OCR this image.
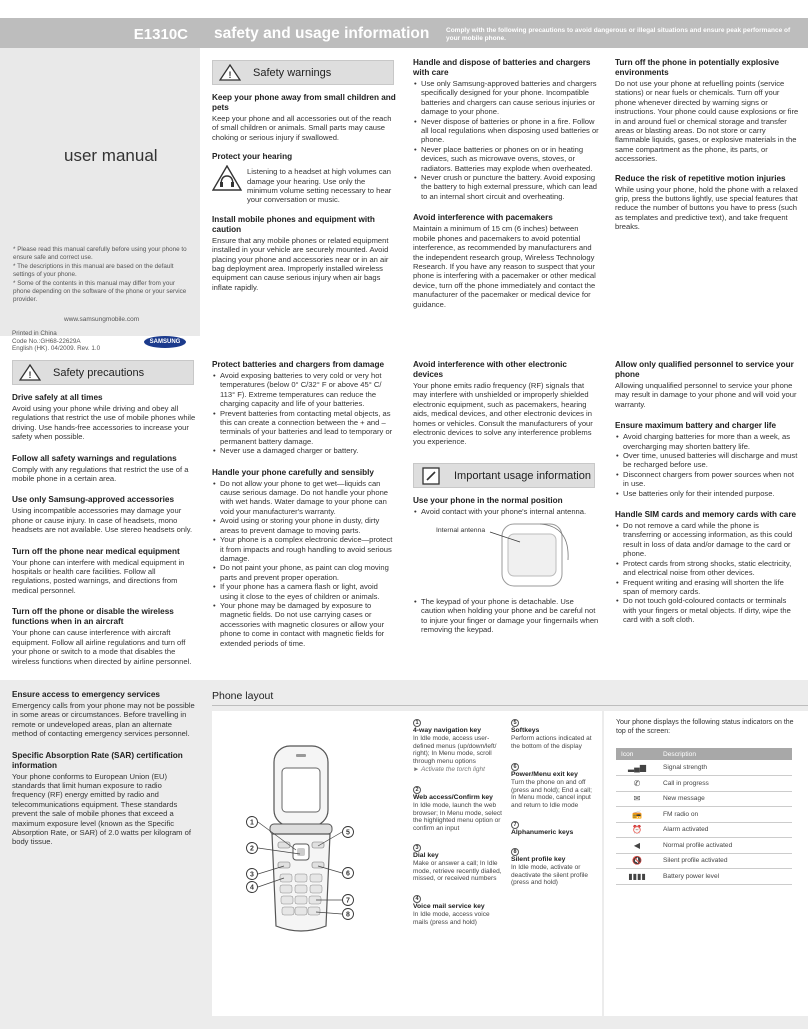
E1310C
user manual

* Please read this manual carefully before using your phone to ensure safe and correct use.

* The descriptions in this manual are based on the default settings of your phone.

* Some of the contents in this manual may differ from your phone depending on the software of the phone or your service provider.

www.samsungmobile.com
Printed in China
Code No.:GH68-22629A
English (HK). 04/2009. Rev. 1.0
SAMSUNG
safety and usage information	Comply with the following precautions to avoid dangerous or illegal situations and ensure peak performance of your mobile phone.
! Safety warnings
Keep your phone away from small children and pets

Keep your phone and all accessories out of the reach of small children or animals. Small parts may cause choking or serious injury if swallowed.

Protect your hearing

Listening to a headset at high volumes can damage your hearing. Use only the minimum volume setting necessary to hear your conversation or music.

Install mobile phones and equipment with caution

Ensure that any mobile phones or related equipment installed in your vehicle are securely mounted. Avoid placing your phone and accessories near or in an air bag deployment area. Improperly installed wireless equipment can cause serious injury when air bags inflate rapidly.

Handle and dispose of batteries and chargers with care
• Use only Samsung-approved batteries and chargers specifically designed for your phone. Incompatible batteries and chargers can cause serious injuries or damage to your phone.
• Never dispose of batteries or phone in a fire. Follow all local regulations when disposing used batteries or phone.
• Never place batteries or phones on or in heating devices, such as microwave ovens, stoves, or radiators. Batteries may explode when overheated.
• Never crush or puncture the battery. Avoid exposing the battery to high external pressure, which can lead to an internal short circuit and overheating.
Avoid interference with pacemakers

Maintain a minimum of 15 cm (6 inches) between mobile phones and pacemakers to avoid potential interference, as recommended by manufacturers and the independent research group, Wireless Technology Research. If you have any reason to suspect that your phone is interfering with a pacemaker or other medical device, turn off the phone immediately and contact the manufacturer of the pacemaker or medical device for guidance.

Turn off the phone in potentially explosive environments

Do not use your phone at refuelling points (service stations) or near fuels or chemicals. Turn off your phone whenever directed by warning signs or instructions. Your phone could cause explosions or fire in and around fuel or chemical storage and transfer areas or blasting areas. Do not store or carry flammable liquids, gases, or explosive materials in the same compartment as the phone, its parts, or accessories.

Reduce the risk of repetitive motion injuries

While using your phone, hold the phone with a relaxed grip, press the buttons lightly, use special features that reduce the number of buttons you have to press (such as templates and predictive text), and take frequent breaks.

! Safety precautions
Drive safely at all times

Avoid using your phone while driving and obey all regulations that restrict the use of mobile phones while driving. Use hands-free accessories to increase your safety when possible.

Follow all safety warnings and regulations

Comply with any regulations that restrict the use of a mobile phone in a certain area.

Use only Samsung-approved accessories

Using incompatible accessories may damage your phone or cause injury. In case of headsets, mono headsets are not available. Use stereo headsets only.

Turn off the phone near medical equipment

Your phone can interfere with medical equipment in hospitals or health care facilities. Follow all regulations, posted warnings, and directions from medical personnel.

Turn off the phone or disable the wireless functions when in an aircraft

Your phone can cause interference with aircraft equipment. Follow all airline regulations and turn off your phone or switch to a mode that disables the wireless functions when directed by airline personnel.

Protect batteries and chargers from damage
• Avoid exposing batteries to very cold or very hot temperatures (below 0° C/32° F or above 45° C/ 113° F). Extreme temperatures can reduce the charging capacity and life of your batteries.
• Prevent batteries from contacting metal objects, as this can create a connection between the + and – terminals of your batteries and lead to temporary or permanent battery damage.
• Never use a damaged charger or battery.
Handle your phone carefully and sensibly
• Do not allow your phone to get wet—liquids can cause serious damage. Do not handle your phone with wet hands. Water damage to your phone can void your manufacturer's warranty.
• Avoid using or storing your phone in dusty, dirty areas to prevent damage to moving parts.
• Your phone is a complex electronic device—protect it from impacts and rough handling to avoid serious damage.
• Do not paint your phone, as paint can clog moving parts and prevent proper operation.
• If your phone has a camera flash or light, avoid using it close to the eyes of children or animals.
• Your phone may be damaged by exposure to magnetic fields. Do not use carrying cases or accessories with magnetic closures or allow your phone to come in contact with magnetic fields for extended periods of time.
Avoid interference with other electronic devices

Your phone emits radio frequency (RF) signals that may interfere with unshielded or improperly shielded electronic equipment, such as pacemakers, hearing aids, medical devices, and other electronic devices in homes or vehicles. Consult the manufacturers of your electronic devices to solve any interference problems you experience.

Important usage information
Use your phone in the normal position
• Avoid contact with your phone's internal antenna.
Internal antenna
• The keypad of your phone is detachable. Use caution when holding your phone and be careful not to injure your finger or damage your fingernails when removing the keypad.
Allow only qualified personnel to service your phone

Allowing unqualified personnel to service your phone may result in damage to your phone and will void your warranty.

Ensure maximum battery and charger life
• Avoid charging batteries for more than a week, as overcharging may shorten battery life.
• Over time, unused batteries will discharge and must be recharged before use.
• Disconnect chargers from power sources when not in use.
• Use batteries only for their intended purpose.
Handle SIM cards and memory cards with care
• Do not remove a card while the phone is transferring or accessing information, as this could result in loss of data and/or damage to the card or phone.
• Protect cards from strong shocks, static electricity, and electrical noise from other devices.
• Frequent writing and erasing will shorten the life span of memory cards.
• Do not touch gold-coloured contacts or terminals with your fingers or metal objects. If dirty, wipe the card with a soft cloth.
Ensure access to emergency services

Emergency calls from your phone may not be possible in some areas or circumstances. Before travelling in remote or undeveloped areas, plan an alternate method of contacting emergency services personnel.

Specific Absorption Rate (SAR) certification information

Your phone conforms to European Union (EU) standards that limit human exposure to radio frequency (RF) energy emitted by radio and telecommunications equipment. These standards prevent the sale of mobile phones that exceed a maximum exposure level (known as the Specific Absorption Rate, or SAR) of 2.0 watts per kilogram of body tissue.

Phone layout
1
2
3
4
5
6
7
8
1
4-way navigation key
In Idle mode, access user-defined menus (up/down/left/ right); In Menu mode, scroll through menu options
► Activate the torch light
2
Web access/Confirm key
In Idle mode, launch the web browser; In Menu mode, select the highlighted menu option or confirm an input
3
Dial key
Make or answer a call; In Idle mode, retrieve recently dialled, missed, or received numbers
4
Voice mail service key
In Idle mode, access voice mails (press and hold)
5
Softkeys
Perform actions indicated at the bottom of the display
6
Power/Menu exit key
Turn the phone on and off (press and hold); End a call; In Menu mode, cancel input and return to Idle mode
7
Alphanumeric keys
8
Silent profile key
In Idle mode, activate or deactivate the silent profile (press and hold)
Your phone displays the following status indicators on the top of the screen:
Icon	Description
▂▄▆	Signal strength
✆	Call in progress
✉	New message
📻	FM radio on
⏰	Alarm activated
◀	Normal profile activated
🔇	Silent profile activated
▮▮▮▮	Battery power level
